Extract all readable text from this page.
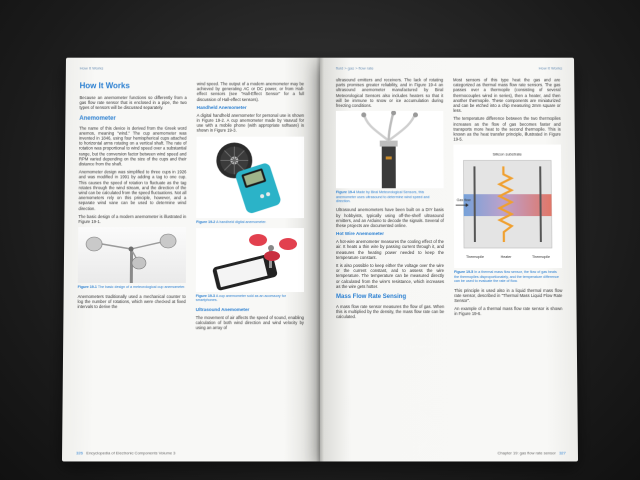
How It Works
How It Works

Because an anemometer functions so differently from a gas flow rate sensor that is enclosed in a pipe, the two types of sensors will be discussed separately.

Anemometer

The name of this device is derived from the Greek word anemos, meaning "wind." The cup anemometer was invented in 1846, using four hemispherical cups attached to horizontal arms rotating on a vertical shaft. The rate of rotation was proportional to wind speed over a substantial range, but the conversion factor between wind speed and RPM varied depending on the size of the cups and their distance from the shaft.

Anemometer design was simplified to three cups in 1926 and was modified in 1991 by adding a tag to one cup. This causes the speed of rotation to fluctuate as the tag rotates through the wind stream, and the direction of the wind can be calculated from the speed fluctuations. Not all anemometers rely on this principle, however, and a separate wind vane can be used to determine wind direction.

The basic design of a modern anemometer is illustrated in Figure 19-1.

Figure 19-1 The basic design of a meteorological cup anemometer.

Anemometers traditionally used a mechanical counter to log the number of rotations, which were checked at fixed intervals to derive the

wind speed. The output of a modern anemometer may be achieved by generating AC or DC power, or from Hall-effect sensors (see "Hall-Effect Sensor" for a full discussion of Hall-effect sensors).

Handheld Anemometer

A digital handheld anemometer for personal use is shown in Figure 19-2. A cup anemometer made by Vaavud for use with a mobile phone (with appropriate software) is shown in Figure 19-3.

Figure 19-2 A handheld digital anemometer.
Figure 19-3 A cup anemometer sold as an accessory for smartphones.
Ultrasound Anemometer

The movement of air affects the speed of sound, enabling calculation of both wind direction and wind velocity by using an array of

326 Encyclopedia of Electronic Components Volume 3
fluid > gas > flow rate	How It Works

ultrasound emitters and receivers. The lack of rotating parts promises greater reliability, and in Figure 19-4 an ultrasound anemometer manufactured by Biral Meteorological Sensors also includes heaters so that it will be immune to snow or ice accumulation during freezing conditions.

Figure 19-4 Made by Biral Meteorological Sensors, this anemometer uses ultrasound to determine wind speed and direction.

Ultrasound anemometers have been built on a DIY basis by hobbyists, typically using off-the-shelf ultrasound emitters, and an Arduino to decode the signals. Several of these projects are documented online.

Hot Wire Anemometer

A hot-wire anemometer measures the cooling effect of the air. It heats a thin wire by passing current through it, and measures the heating power needed to keep the temperature constant.

It is also possible to keep either the voltage over the wire or the current constant, and to assess the wire temperature. The temperature can be measured directly or calculated from the wire's resistance, which increases as the wire gets hotter.

Mass Flow Rate Sensing

A mass flow rate sensor measures the flow of gas. When this is multiplied by the density, the mass flow rate can be calculated.

Most sensors of this type heat the gas and are categorized as thermal mass flow rate sensors. The gas passes over a thermopile (consisting of several thermocouples wired in series), then a heater, and then another thermopile. These components are miniaturized and can be etched into a chip measuring 2mm square or less.

The temperature difference between the two thermopiles increases as the flow of gas becomes faster and transports more heat to the second thermopile. This is known as the heat transfer principle, illustrated in Figure 19-5.

Silicon substrate
Gas flow
Thermopile	Heater	Thermopile
Figure 19-5 In a thermal mass flow sensor, the flow of gas heats the thermopiles disproportionately, and the temperature difference can be used to evaluate the rate of flow.

This principle is used also in a liquid thermal mass flow rate sensor, described in "Thermal Mass Liquid Flow Rate Sensor".

An example of a thermal mass flow rate sensor is shown in Figure 19-6.

Chapter 19: gas flow rate sensor 327
